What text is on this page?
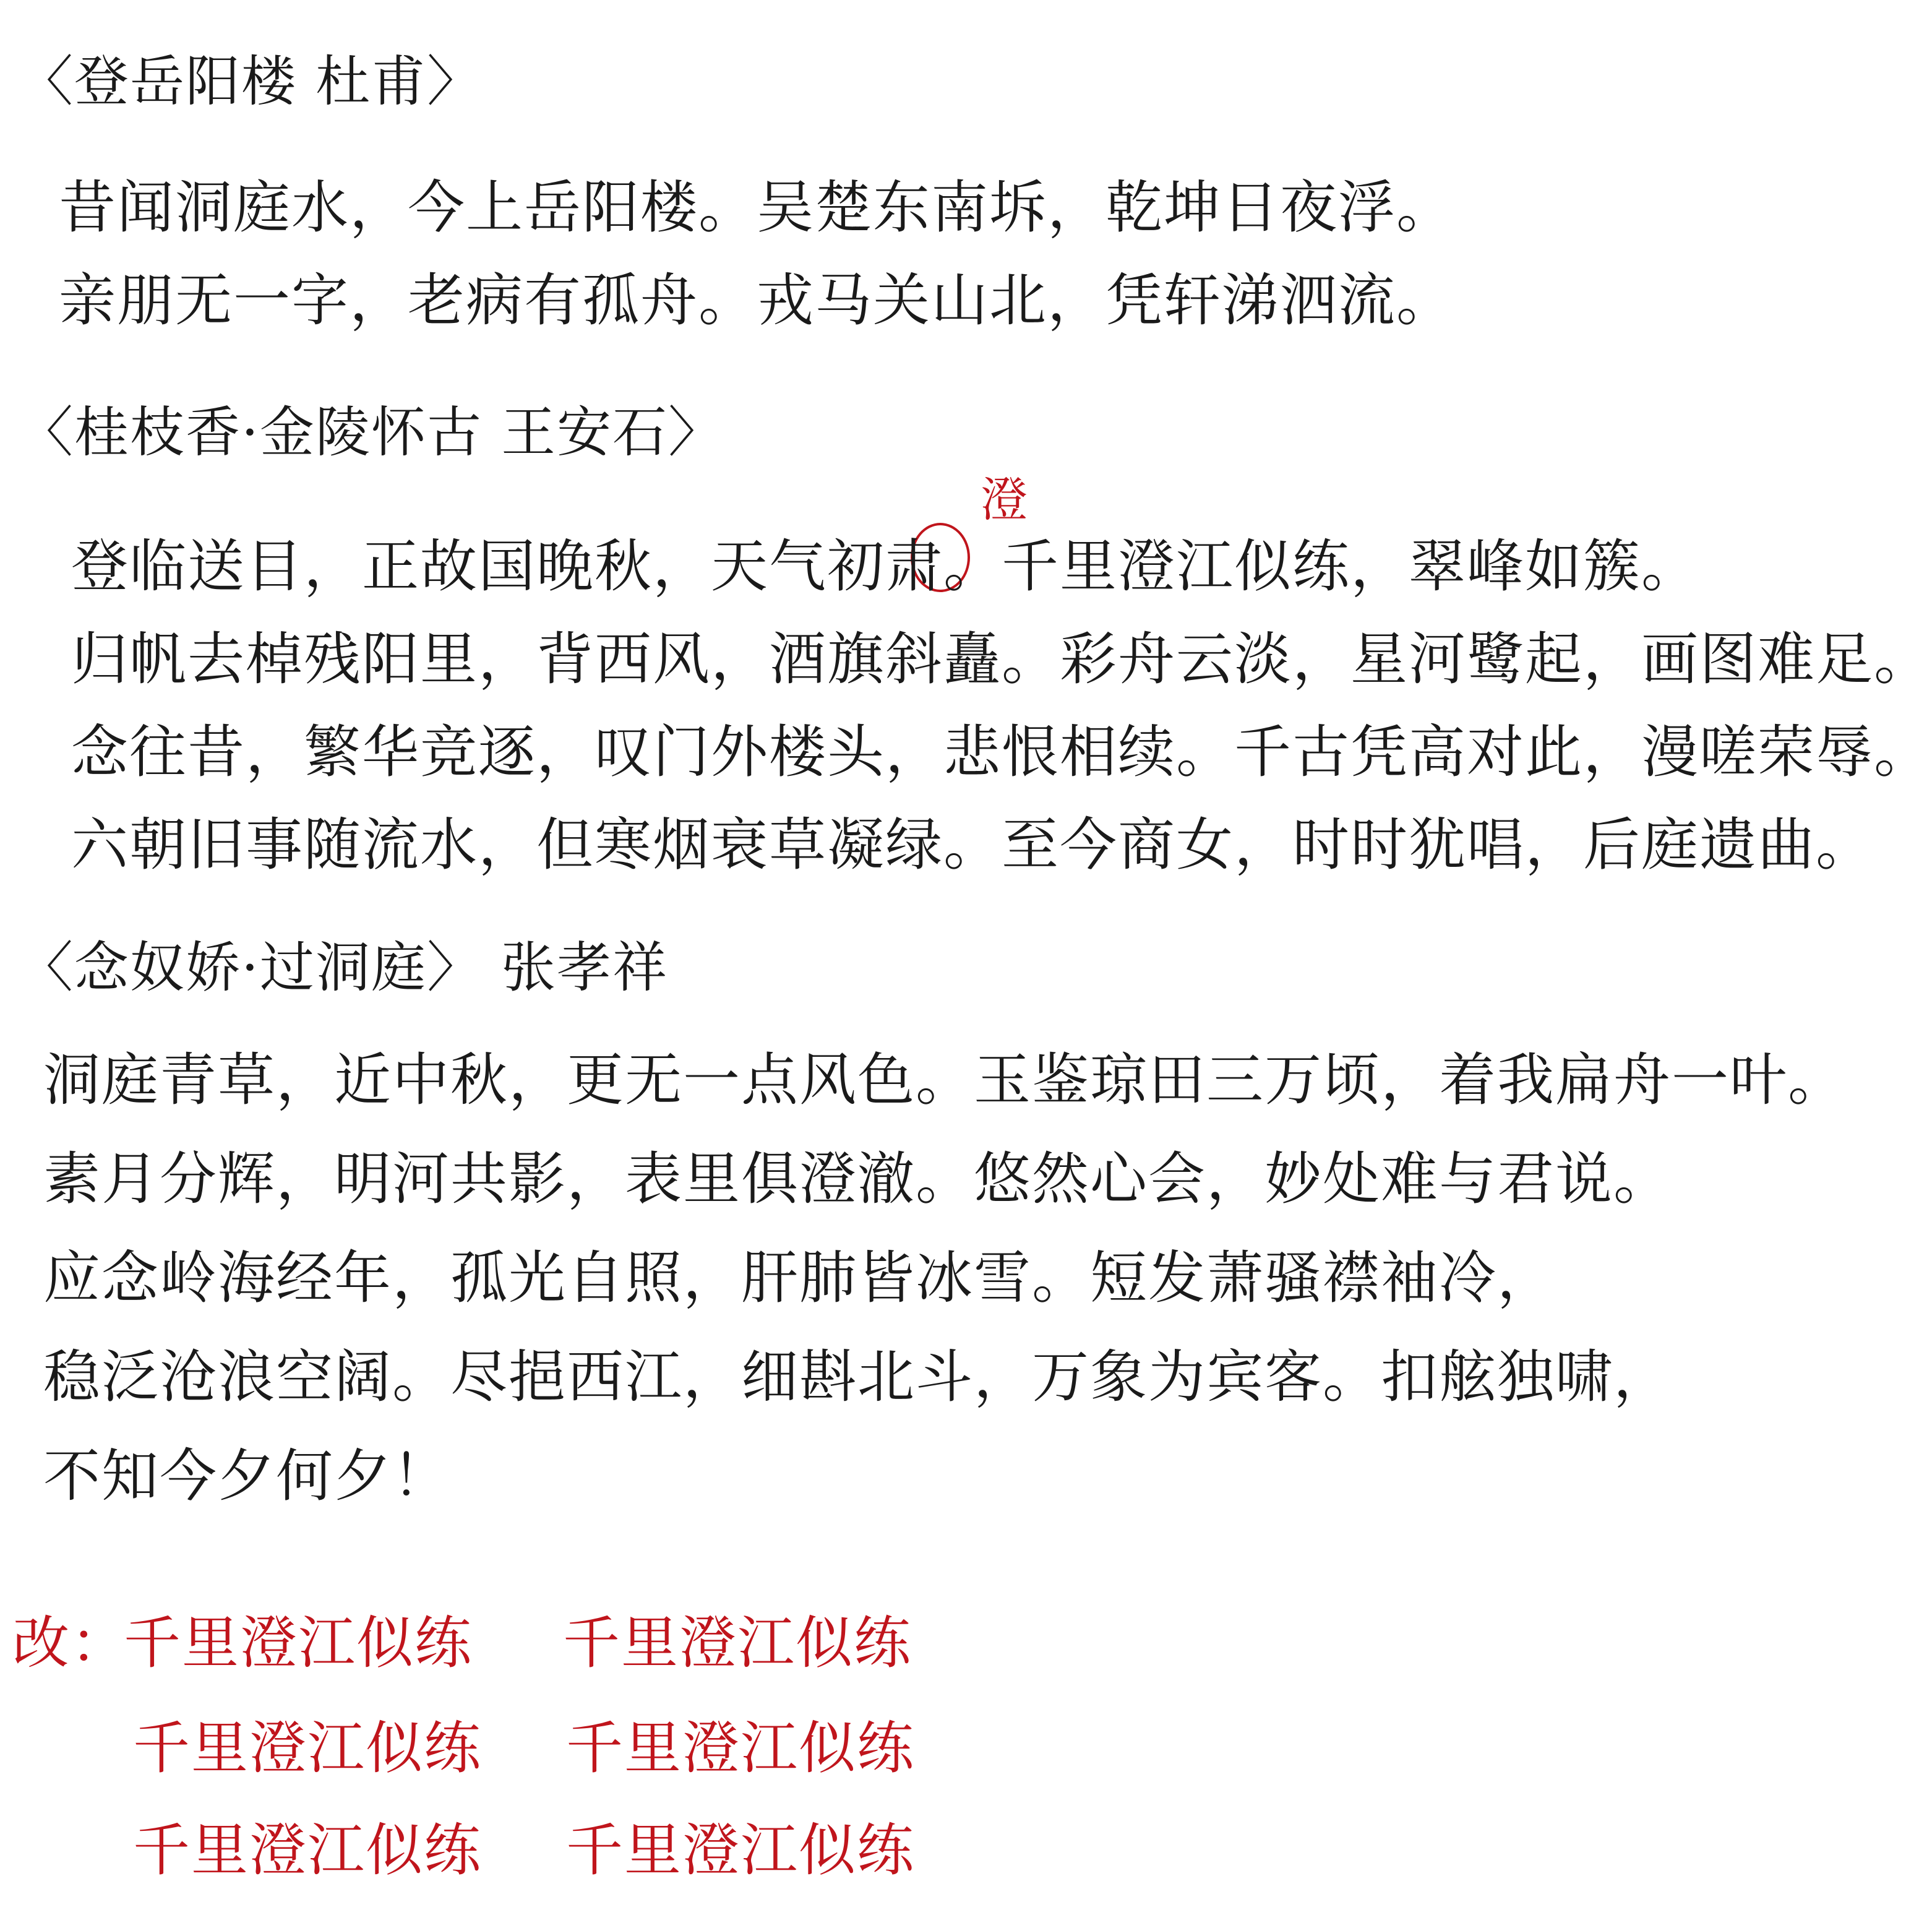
〈登岳阳楼 杜甫〉
昔闻洞庭水，今上岳阳楼。吴楚东南坼，乾坤日夜浮。
亲朋无一字，老病有孤舟。戎马关山北，凭轩涕泗流。
〈桂枝香·金陵怀古 王安石〉
澄
登临送目，正故国晚秋，天气初肃。千里澄江似练，翠峰如簇。
归帆去棹残阳里，背西风，酒旗斜矗。彩舟云淡，星河鹭起，画图难足。
念往昔，繁华竞逐，叹门外楼头，悲恨相续。千古凭高对此，漫嗟荣辱。
六朝旧事随流水，但寒烟衰草凝绿。至今商女，时时犹唱，后庭遗曲。
〈念奴娇·过洞庭〉 张孝祥
洞庭青草，近中秋，更无一点风色。玉鉴琼田三万顷，着我扁舟一叶。
素月分辉，明河共影，表里俱澄澈。悠然心会，妙处难与君说。
应念岭海经年，孤光自照，肝肺皆冰雪。短发萧骚襟袖冷，
稳泛沧浪空阔。尽挹西江，细斟北斗，万象为宾客。扣舷独啸，
不知今夕何夕！
改：
千里澄江似练 千里澄江似练
千里澄江似练 千里澄江似练
千里澄江似练 千里澄江似练
